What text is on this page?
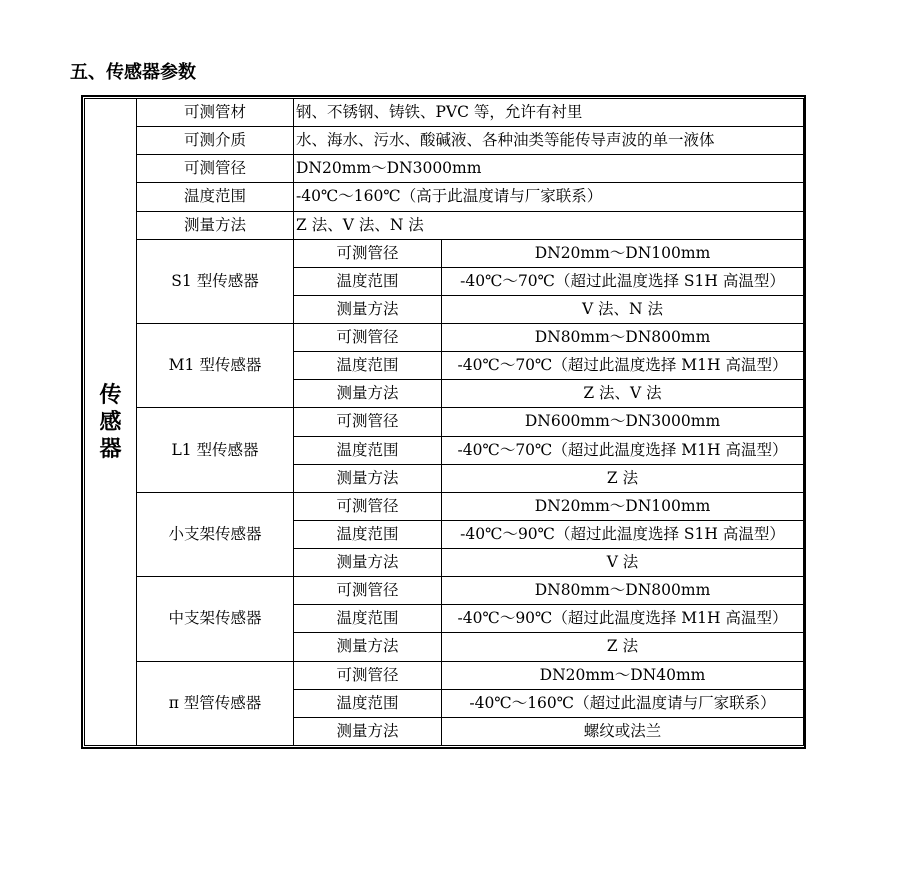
五、传感器参数
传
感
器	可测管材	钢、不锈钢、铸铁、PVC 等，允许有衬里	
	可测介质	水、海水、污水、酸碱液、各种油类等能传导声波的单一液体	
	可测管径	DN20mm～DN3000mm	
	温度范围	-40℃～160℃（高于此温度请与厂家联系）	
	测量方法	Z 法、V 法、N 法	
	S1 型传感器	可测管径	DN20mm～DN100mm
		温度范围	-40℃～70℃（超过此温度选择 S1H 高温型）
		测量方法	V 法、N 法
	M1 型传感器	可测管径	DN80mm～DN800mm
		温度范围	-40℃～70℃（超过此温度选择 M1H 高温型）
		测量方法	Z 法、V 法
	L1 型传感器	可测管径	DN600mm～DN3000mm
		温度范围	-40℃～70℃（超过此温度选择 M1H 高温型）
		测量方法	Z 法
	小支架传感器	可测管径	DN20mm～DN100mm
		温度范围	-40℃～90℃（超过此温度选择 S1H 高温型）
		测量方法	V 法
	中支架传感器	可测管径	DN80mm～DN800mm
		温度范围	-40℃～90℃（超过此温度选择 M1H 高温型）
		测量方法	Z 法
	π 型管传感器	可测管径	DN20mm～DN40mm
		温度范围	-40℃～160℃（超过此温度请与厂家联系）
		测量方法	螺纹或法兰
